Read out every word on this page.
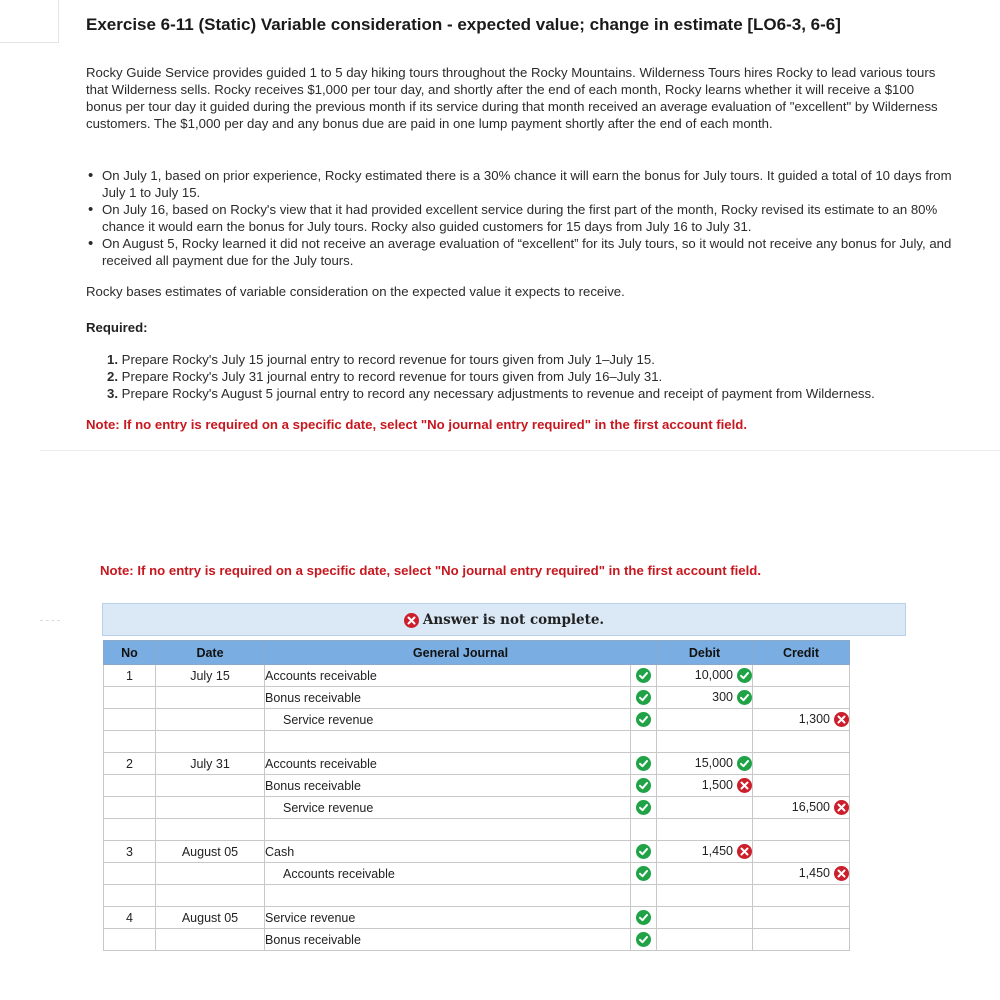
Exercise 6-11 (Static) Variable consideration - expected value; change in estimate [LO6-3, 6-6]
Rocky Guide Service provides guided 1 to 5 day hiking tours throughout the Rocky Mountains. Wilderness Tours hires Rocky to lead various tours that Wilderness sells. Rocky receives $1,000 per tour day, and shortly after the end of each month, Rocky learns whether it will receive a $100 bonus per tour day it guided during the previous month if its service during that month received an average evaluation of "excellent" by Wilderness customers. The $1,000 per day and any bonus due are paid in one lump payment shortly after the end of each month.
• On July 1, based on prior experience, Rocky estimated there is a 30% chance it will earn the bonus for July tours. It guided a total of 10 days from July 1 to July 15.
• On July 16, based on Rocky's view that it had provided excellent service during the first part of the month, Rocky revised its estimate to an 80% chance it would earn the bonus for July tours. Rocky also guided customers for 15 days from July 16 to July 31.
• On August 5, Rocky learned it did not receive an average evaluation of “excellent” for its July tours, so it would not receive any bonus for July, and received all payment due for the July tours.
Rocky bases estimates of variable consideration on the expected value it expects to receive.
Required:
1. Prepare Rocky's July 15 journal entry to record revenue for tours given from July 1–July 15.
2. Prepare Rocky's July 31 journal entry to record revenue for tours given from July 16–July 31.
3. Prepare Rocky's August 5 journal entry to record any necessary adjustments to revenue and receipt of payment from Wilderness.
Note: If no entry is required on a specific date, select "No journal entry required" in the first account field.
Note: If no entry is required on a specific date, select "No journal entry required" in the first account field.
Answer is not complete.
No	Date	General Journal		Debit	Credit
1	July 15	Accounts receivable		10,000

		Bonus receivable		300

		Service revenue			1,300

2	July 31	Accounts receivable		15,000

		Bonus receivable		1,500

		Service revenue			16,500

3	August 05	Cash		1,450

		Accounts receivable			1,450

4	August 05	Service revenue	

		Bonus receivable	
